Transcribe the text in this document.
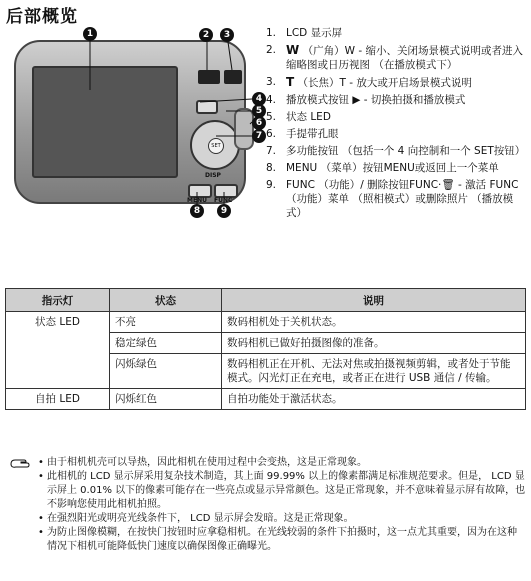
后部概览
SET
DISP
MENU FUNC
1	2	3
4
5
6
7
8	9
1. LCD 显示屏
2. W （广角）W - 缩小、关闭场景模式说明或者进入缩略图或日历视图 （在播放模式下）
3. T （长焦）T - 放大或开启场景模式说明
4. 播放模式按钮 ▶ - 切换拍摄和播放模式
5. 状态 LED
6. 手提带孔眼
7. 多功能按钮 （包括一个 4 向控制和一个 SET按钮）
8. MENU （菜单）按钮MENU或返回上一个菜单
9. FUNC （功能）/ 删除按钮FUNC·🗑 - 激活 FUNC （功能）菜单 （照相模式）或删除照片 （播放模式）
指示灯	状态	说明
状态 LED	不亮	数码相机处于关机状态。
	稳定绿色	数码相机已做好拍摄图像的准备。
	闪烁绿色	数码相机正在开机、无法对焦或拍摄视频剪辑，或者处于节能模式。闪光灯正在充电，或者正在进行 USB 通信 / 传输。
自拍 LED	闪烁红色	自拍功能处于激活状态。
• 由于相机机壳可以导热，因此相机在使用过程中会变热，这是正常现象。
• 此相机的 LCD 显示屏采用复杂技术制造，其上面 99.99% 以上的像素都满足标准规范要求。但是， LCD 显示屏上 0.01% 以下的像素可能存在一些亮点或显示异常颜色。这是正常现象，并不意味着显示屏有故障，也不影响您使用此相机拍照。
• 在强烈阳光或明亮光线条件下， LCD 显示屏会发暗。这是正常现象。
• 为防止图像模糊，在按快门按钮时应拿稳相机。在光线较弱的条件下拍摄时，这一点尤其重要，因为在这种情况下相机可能降低快门速度以确保图像正确曝光。
